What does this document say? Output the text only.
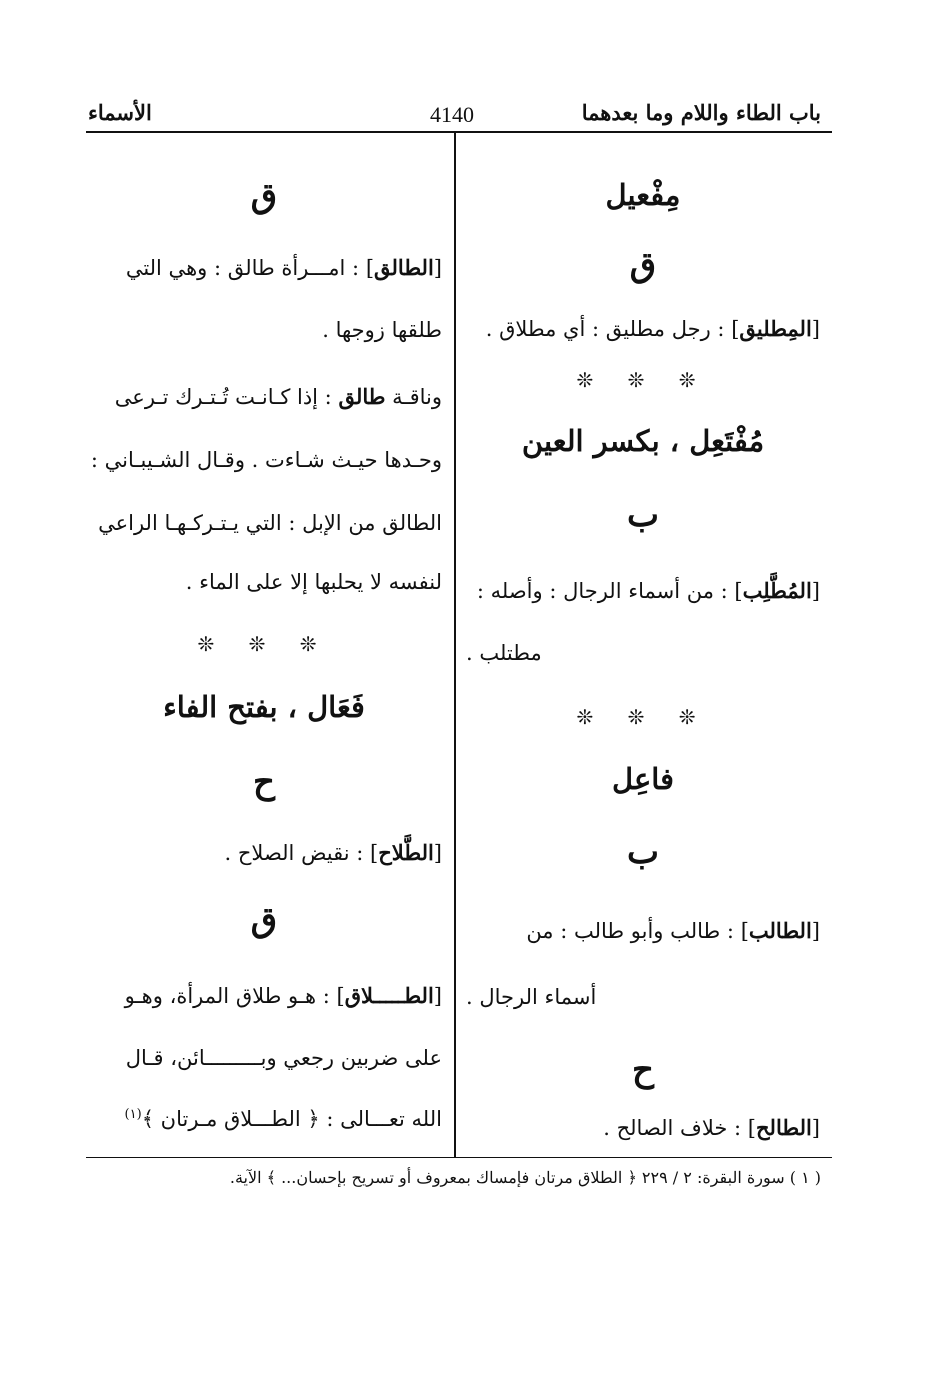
باب الطاء واللام وما بعدهما
4140
الأسماء
مِفْعيل
ق
[المِطليق] : رجل مطليق : أي مطلاق .
❊ ❊ ❊
مُفْتَعِل ، بكسر العين
ب
[المُطَّلِب] : من أسماء الرجال : وأصله :
مطتلب .
❊ ❊ ❊
فاعِل
ب
[الطالب] : طالب وأبو طالب : من
أسماء الرجال .
ح
[الطالح] : خلاف الصالح .
ق
[الطالق] : امـــرأة طالق : وهي التي
طلقها زوجها .
وناقـة طالق : إذا كـانـت تُـتـرك تـرعى
وحـدها حيـث شـاءت . وقـال الشـيبـاني :
الطالق من الإبل : التي يـتـركـهـا الراعي
لنفسه لا يحلبها إلا على الماء .
❊ ❊ ❊
فَعَال ، بفتح الفاء
ح
[الطَّلاح] : نقيض الصلاح .
ق
[الطـــــلاق] : هـو طلاق المرأة، وهـو
على ضربين رجعي وبـــــــــائن، قـال
الله تعـــالى : ﴿ الطـــلاق مـرتان ﴾$^{(١)}$
( ١ ) سورة البقرة: ٢ / ٢٢٩ ﴿ الطلاق مرتان فإمساك بمعروف أو تسريح بإحسان... ﴾ الآية.
